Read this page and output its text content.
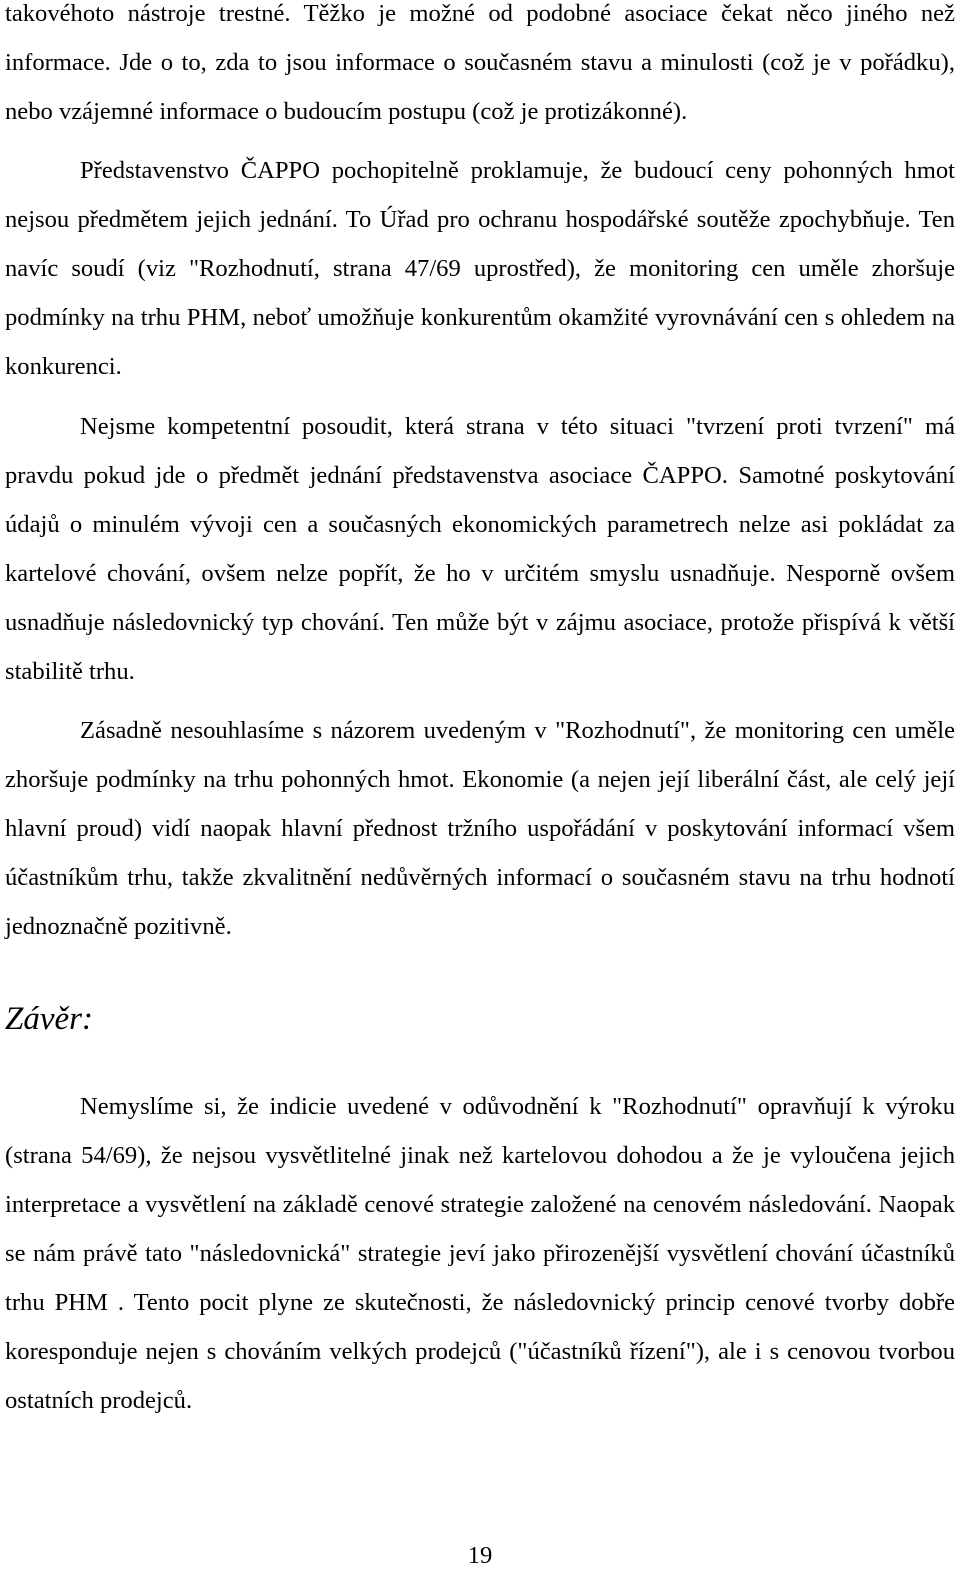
takovéhoto nástroje trestné. Těžko je možné od podobné asociace čekat něco jiného než informace. Jde o to, zda to jsou informace o současném stavu a minulosti (což je v pořádku), nebo vzájemné informace o budoucím postupu (což je protizákonné).

Představenstvo ČAPPO pochopitelně proklamuje, že budoucí ceny pohonných hmot nejsou předmětem jejich jednání. To Úřad pro ochranu hospodářské soutěže zpochybňuje. Ten navíc soudí (viz "Rozhodnutí, strana 47/69 uprostřed), že monitoring cen uměle zhoršuje podmínky na trhu PHM, neboť umožňuje konkurentům okamžité vyrovnávání cen s ohledem na konkurenci.

Nejsme kompetentní posoudit, která strana v této situaci "tvrzení proti tvrzení" má pravdu pokud jde o předmět jednání představenstva asociace ČAPPO. Samotné poskytování údajů o minulém vývoji cen a současných ekonomických parametrech nelze asi pokládat za kartelové chování, ovšem nelze popřít, že ho v určitém smyslu usnadňuje. Nesporně ovšem usnadňuje následovnický typ chování. Ten může být v zájmu asociace, protože přispívá k větší stabilitě trhu.

Zásadně nesouhlasíme s názorem uvedeným v "Rozhodnutí", že monitoring cen uměle zhoršuje podmínky na trhu pohonných hmot. Ekonomie (a nejen její liberální část, ale celý její hlavní proud) vidí naopak hlavní přednost tržního uspořádání v poskytování informací všem účastníkům trhu, takže zkvalitnění nedůvěrných informací o současném stavu na trhu hodnotí jednoznačně pozitivně.

Závěr:

Nemyslíme si, že indicie uvedené v odůvodnění k "Rozhodnutí" opravňují k výroku (strana 54/69), že nejsou vysvětlitelné jinak než kartelovou dohodou a že je vyloučena jejich interpretace a vysvětlení na základě cenové strategie založené na cenovém následování. Naopak se nám právě tato "následovnická" strategie jeví jako přirozenější vysvětlení chování účastníků trhu PHM . Tento pocit plyne ze skutečnosti, že následovnický princip cenové tvorby dobře koresponduje nejen s chováním velkých prodejců ("účastníků řízení"), ale i s cenovou tvorbou ostatních prodejců.

19
